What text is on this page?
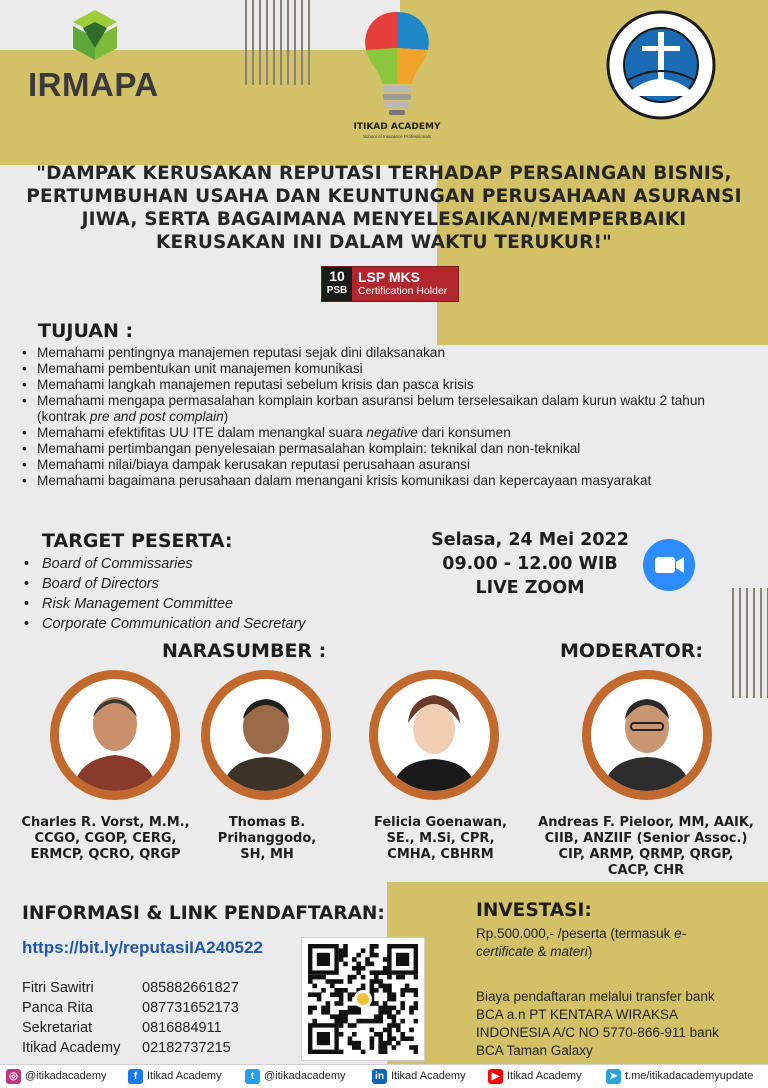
IRMAPA
ITIKAD ACADEMY
School of Insurance Professionals
"DAMPAK KERUSAKAN REPUTASI TERHADAP PERSAINGAN BISNIS,
PERTUMBUHAN USAHA DAN KEUNTUNGAN PERUSAHAAN ASURANSI
JIWA, SERTA BAGAIMANA MENYELESAIKAN/MEMPERBAIKI
KERUSAKAN INI DALAM WAKTU TERUKUR!"
10
PSB
LSP MKS
Certification Holder
TUJUAN :
• Memahami pentingnya manajemen reputasi sejak dini dilaksanakan
• Memahami pembentukan unit manajemen komunikasi
• Memahami langkah manajemen reputasi sebelum krisis dan pasca krisis
• Memahami mengapa permasalahan komplain korban asuransi belum terselesaikan dalam kurun waktu 2 tahun (kontrak pre and post complain)
• Memahami efektifitas UU ITE dalam menangkal suara negative dari konsumen
• Memahami pertimbangan penyelesaian permasalahan komplain: teknikal dan non-teknikal
• Memahami nilai/biaya dampak kerusakan reputasi perusahaan asuransi
• Memahami bagaimana perusahaan dalam menangani krisis komunikasi dan kepercayaan masyarakat
TARGET PESERTA:
• Board of Commissaries
• Board of Directors
• Risk Management Committee
• Corporate Communication and Secretary
Selasa, 24 Mei 2022
09.00 - 12.00 WIB
LIVE ZOOM
NARASUMBER :	MODERATOR:
Charles R. Vorst, M.M.,
CCGO, CGOP, CERG,
ERMCP, QCRO, QRGP
Thomas B.
Prihanggodo,
SH, MH
Felicia Goenawan,
SE., M.Si, CPR,
CMHA, CBHRM
Andreas F. Pieloor, MM, AAIK,
CIIB, ANZIIF (Senior Assoc.)
CIP, ARMP, QRMP, QRGP,
CACP, CHR
INFORMASI & LINK PENDAFTARAN:
https://bit.ly/reputasiIA240522
Fitri Sawitri	085882661827
Panca Rita	087731652173
Sekretariat	0816884911
Itikad Academy 02182737215
INVESTASI:
Rp.500.000,- /peserta (termasuk e-certificate & materi)
Biaya pendaftaran melalui transfer bank BCA a.n PT KENTARA WIRAKSA INDONESIA A/C NO 5770-866-911 bank BCA Taman Galaxy
◎ @itikadacademy	f Itikad Academy	t @itikadacademy	in Itikad Academy	▶ Itikad Academy	➤ t.me/itikadacademyupdate
